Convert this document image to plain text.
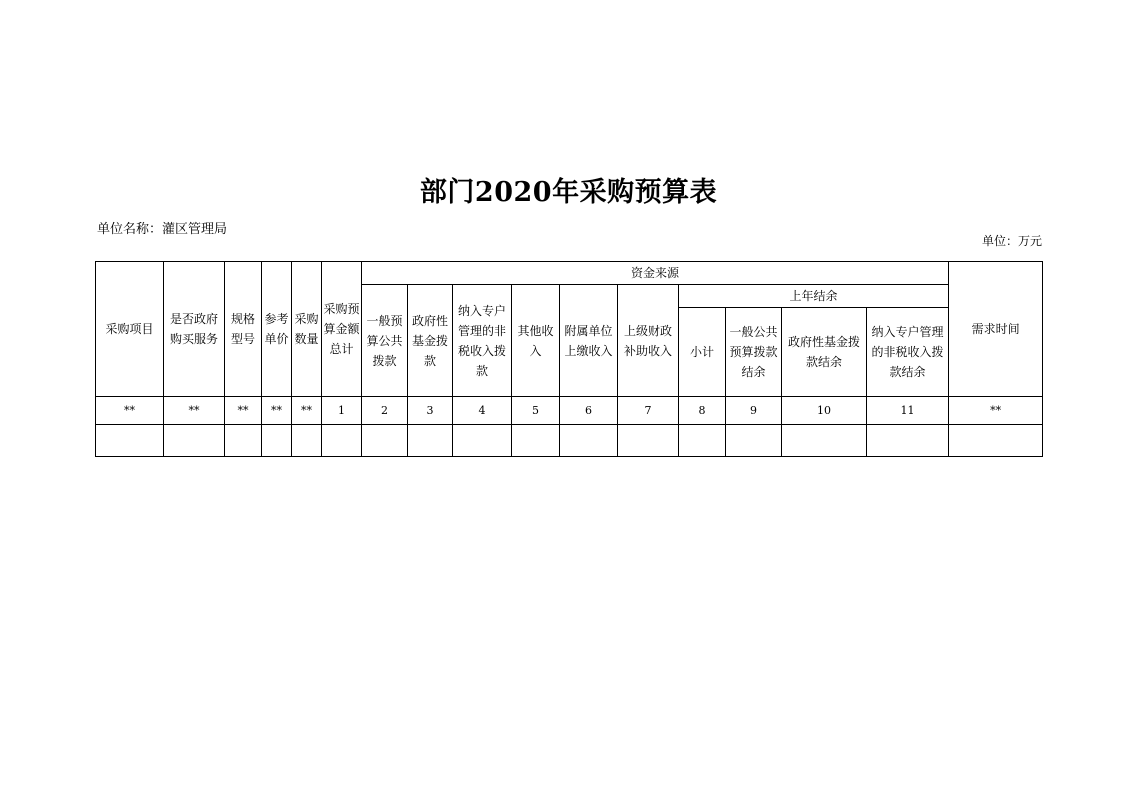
部门2020年采购预算表
单位名称：灌区管理局
单位：万元
采购项目	是否政府购买服务	规格型号	参考单价	采购数量	采购预算金额总计	资金来源										需求时间
						一般预算公共拨款	政府性基金拨款	纳入专户管理的非税收入拨款	其他收入	附属单位上缴收入	上级财政补助收入	上年结余				
												小计	一般公共预算拨款结余	政府性基金拨款结余	纳入专户管理的非税收入拨款结余	
**	**	**	**	**	1	2	3	4	5	6	7	8	9	10	11	**
